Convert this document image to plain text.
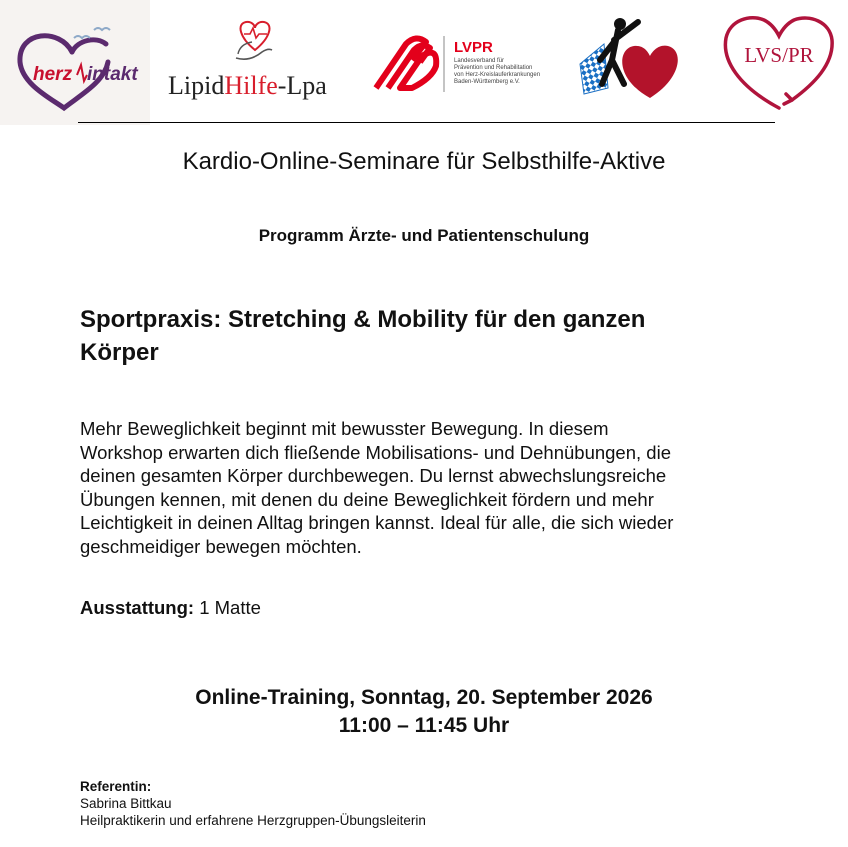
herz intakt LipidHilfe-Lpa
LVPR
Landesverband für
Prävention und Rehabilitation
von Herz-Kreislauferkrankungen
Baden-Württemberg e.V.
LVS/PR
Kardio-Online-Seminare für Selbsthilfe-Aktive
Programm Ärzte- und Patientenschulung
Sportpraxis: Stretching & Mobility für den ganzen
Körper
Mehr Beweglichkeit beginnt mit bewusster Bewegung. In diesem
Workshop erwarten dich fließende Mobilisations- und Dehnübungen, die
deinen gesamten Körper durchbewegen. Du lernst abwechslungsreiche
Übungen kennen, mit denen du deine Beweglichkeit fördern und mehr
Leichtigkeit in deinen Alltag bringen kannst. Ideal für alle, die sich wieder
geschmeidiger bewegen möchten.
Ausstattung: 1 Matte
Online-Training, Sonntag, 20. September 2026
11:00 – 11:45 Uhr
Referentin:
Sabrina Bittkau
Heilpraktikerin und erfahrene Herzgruppen-Übungsleiterin
